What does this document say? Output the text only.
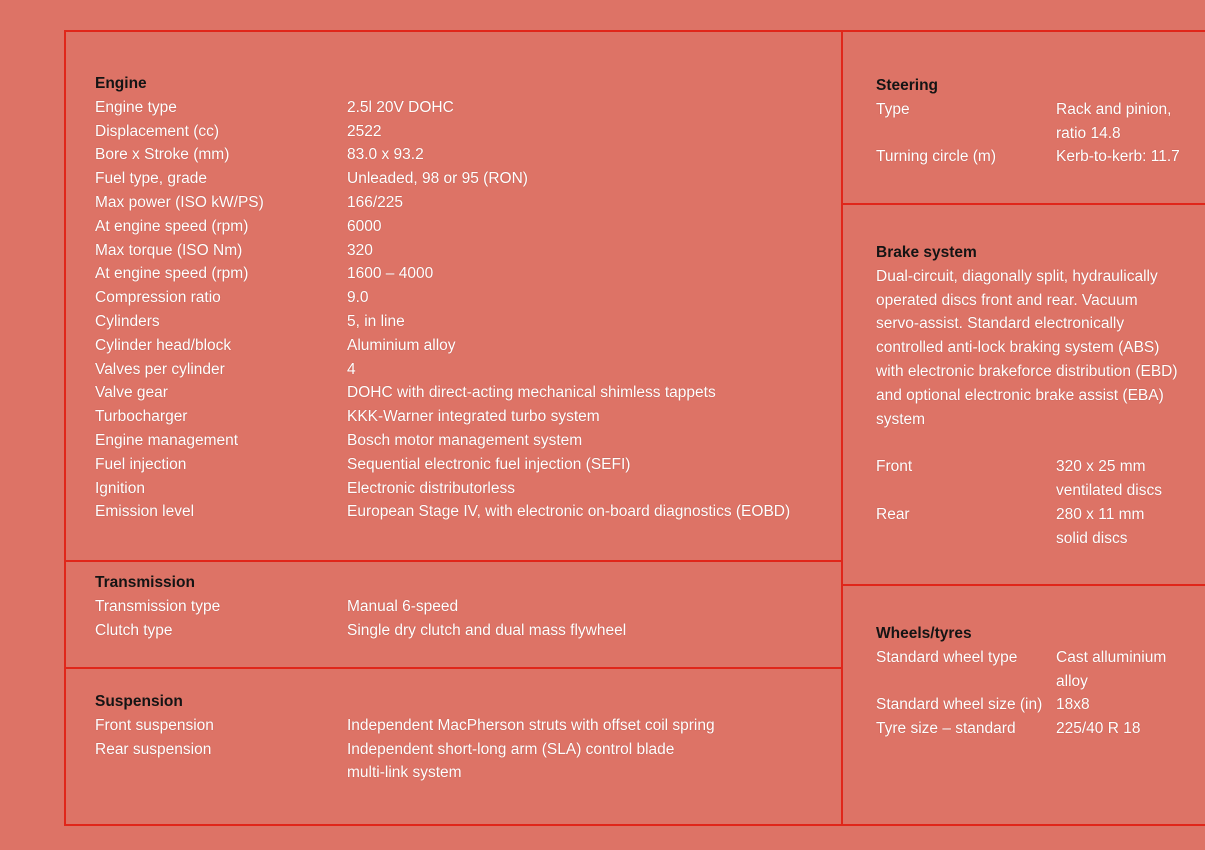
Engine
Engine type	2.5l 20V DOHC
Displacement (cc)	2522
Bore x Stroke (mm)	83.0 x 93.2
Fuel type, grade	Unleaded, 98 or 95 (RON)
Max power (ISO kW/PS)	166/225
At engine speed (rpm)	6000
Max torque (ISO Nm)	320
At engine speed (rpm)	1600 – 4000
Compression ratio	9.0
Cylinders	5, in line
Cylinder head/block	Aluminium alloy
Valves per cylinder	4
Valve gear	DOHC with direct-acting mechanical shimless tappets
Turbocharger	KKK-Warner integrated turbo system
Engine management	Bosch motor management system
Fuel injection	Sequential electronic fuel injection (SEFI)
Ignition	Electronic distributorless
Emission level	European Stage IV, with electronic on-board diagnostics (EOBD)
Transmission
Transmission type	Manual 6-speed
Clutch type	Single dry clutch and dual mass flywheel
Suspension
Front suspension	Independent MacPherson struts with offset coil spring
Rear suspension	Independent short-long arm (SLA) control blade
multi-link system
Steering
Type	Rack and pinion,
ratio 14.8
Turning circle (m)	Kerb-to-kerb: 11.7
Brake system

Dual-circuit, diagonally split, hydraulically

operated discs front and rear. Vacuum

servo-assist. Standard electronically

controlled anti-lock braking system (ABS)

with electronic brakeforce distribution (EBD)

and optional electronic brake assist (EBA)

system

Front	320 x 25 mm
ventilated discs
Rear	280 x 11 mm
solid discs
Wheels/tyres
Standard wheel type	Cast alluminium
alloy
Standard wheel size (in) 18x8
Tyre size – standard	225/40 R 18
